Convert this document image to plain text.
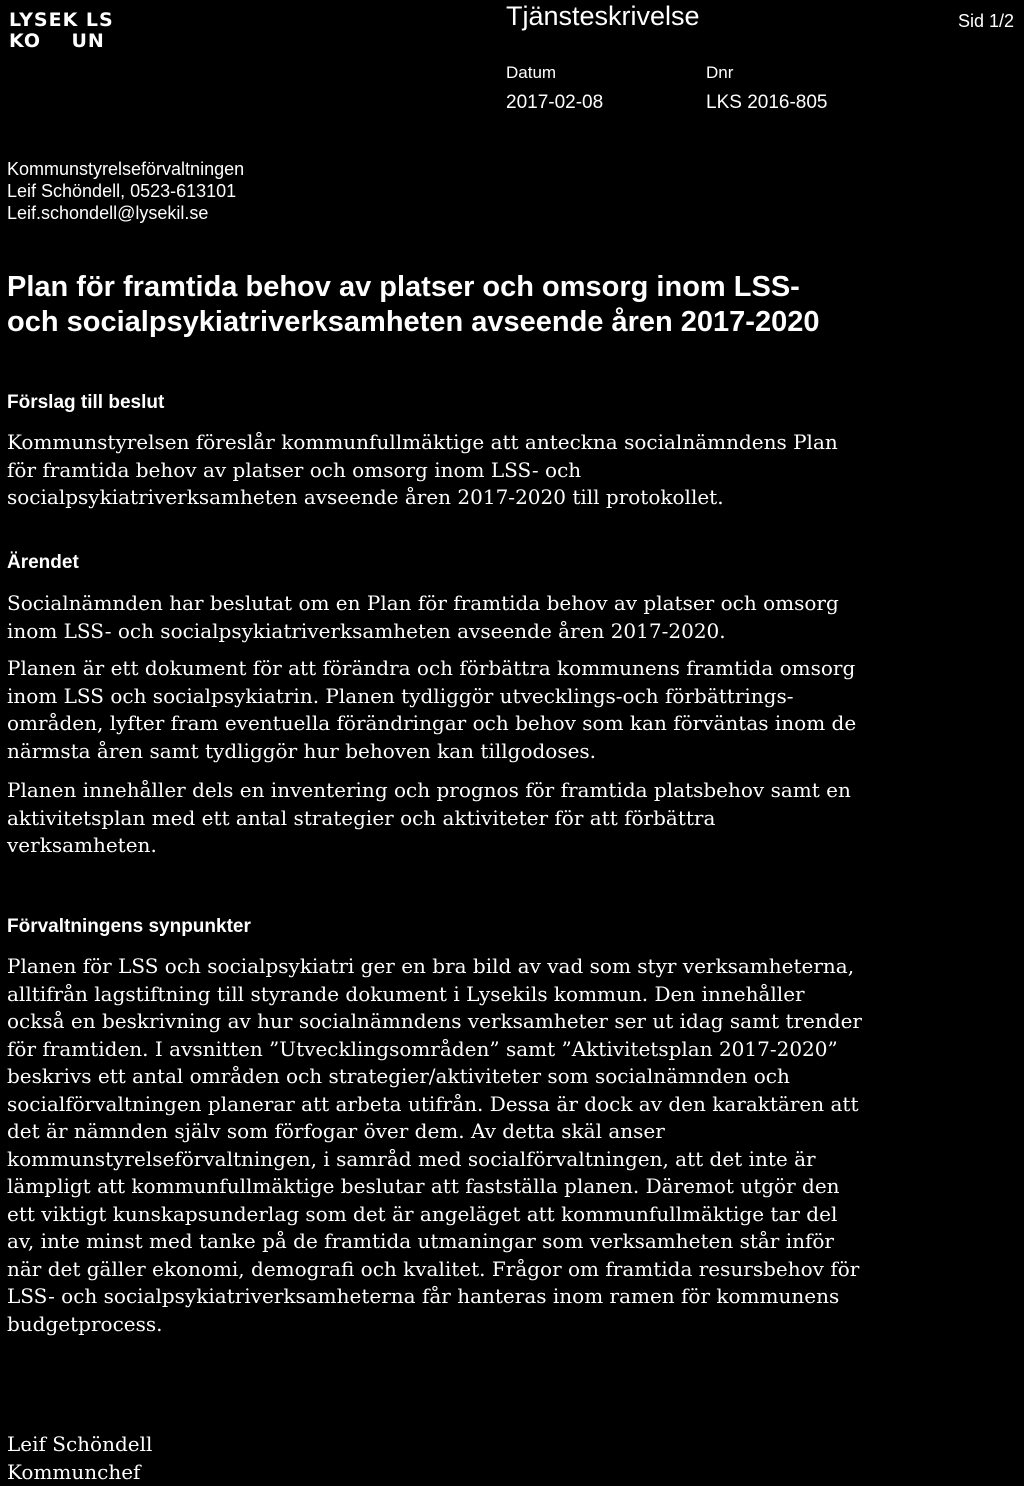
LYSEK LS
KO    UN
Tjänsteskrivelse	Sid 1/2
Datum	Dnr
2017-02-08	LKS 2016-805
Kommunstyrelseförvaltningen
Leif Schöndell, 0523-613101
Leif.schondell@lysekil.se
Plan för framtida behov av platser och omsorg inom LSS-
och socialpsykiatriverksamheten avseende åren 2017-2020
Förslag till beslut
Kommunstyrelsen föreslår kommunfullmäktige att anteckna socialnämndens Plan
för framtida behov av platser och omsorg inom LSS- och
socialpsykiatriverksamheten avseende åren 2017-2020 till protokollet.
Ärendet
Socialnämnden har beslutat om en Plan för framtida behov av platser och omsorg
inom LSS- och socialpsykiatriverksamheten avseende åren 2017-2020.
Planen är ett dokument för att förändra och förbättra kommunens framtida omsorg
inom LSS och socialpsykiatrin. Planen tydliggör utvecklings-och förbättrings-
områden, lyfter fram eventuella förändringar och behov som kan förväntas inom de
närmsta åren samt tydliggör hur behoven kan tillgodoses.
Planen innehåller dels en inventering och prognos för framtida platsbehov samt en
aktivitetsplan med ett antal strategier och aktiviteter för att förbättra
verksamheten.
Förvaltningens synpunkter
Planen för LSS och socialpsykiatri ger en bra bild av vad som styr verksamheterna,
alltifrån lagstiftning till styrande dokument i Lysekils kommun. Den innehåller
också en beskrivning av hur socialnämndens verksamheter ser ut idag samt trender
för framtiden. I avsnitten ”Utvecklingsområden” samt ”Aktivitetsplan 2017-2020”
beskrivs ett antal områden och strategier/aktiviteter som socialnämnden och
socialförvaltningen planerar att arbeta utifrån. Dessa är dock av den karaktären att
det är nämnden själv som förfogar över dem. Av detta skäl anser
kommunstyrelseförvaltningen, i samråd med socialförvaltningen, att det inte är
lämpligt att kommunfullmäktige beslutar att fastställa planen. Däremot utgör den
ett viktigt kunskapsunderlag som det är angeläget att kommunfullmäktige tar del
av, inte minst med tanke på de framtida utmaningar som verksamheten står inför
när det gäller ekonomi, demografi och kvalitet. Frågor om framtida resursbehov för
LSS- och socialpsykiatriverksamheterna får hanteras inom ramen för kommunens
budgetprocess.
Leif Schöndell
Kommunchef
